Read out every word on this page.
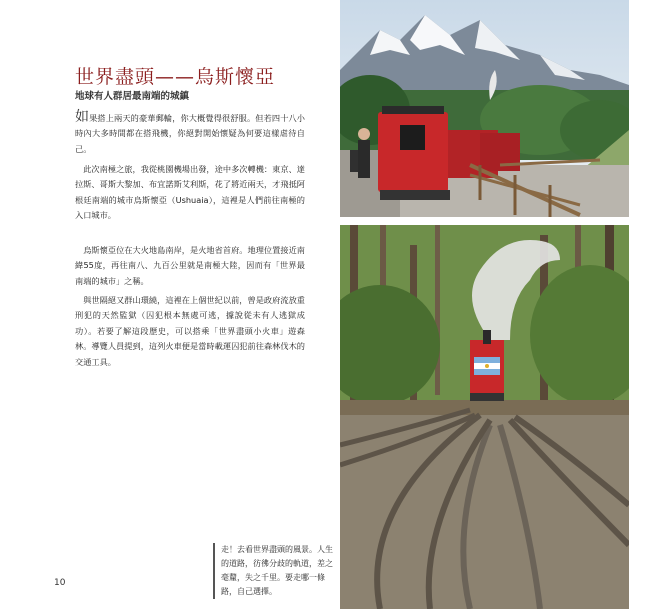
世界盡頭——烏斯懷亞
地球有人群居最南端的城鎮

如果搭上兩天的豪華郵輪，你大概覺得很舒服。但若四十八小時內大多時間都在搭飛機，你絕對開始懷疑為何要這樣虐待自己。

　此次南極之旅，我從桃園機場出發，途中多次轉機：東京、達拉斯、哥斯大黎加、布宜諾斯艾利斯，花了將近兩天，才飛抵阿根廷南端的城市烏斯懷亞（Ushuaia），這裡是人們前往南極的入口城市。

　烏斯懷亞位在大火地島南岸，是火地省首府。地理位置接近南緯55度，再往南八、九百公里就是南極大陸，因而有「世界最南端的城市」之稱。

　與世隔絕又群山環繞，這裡在上個世紀以前，曾是政府流放重刑犯的天然監獄（囚犯根本無處可逃，據說從未有人逃獄成功）。若要了解這段歷史，可以搭乘「世界盡頭小火車」遊森林。導覽人員提到，這列火車便是當時載運囚犯前往森林伐木的交通工具。

走！去看世界盡頭的風景。人生的道路，彷彿分歧的軌道，差之毫釐，失之千里。要走哪一條路，自己選擇。

10
